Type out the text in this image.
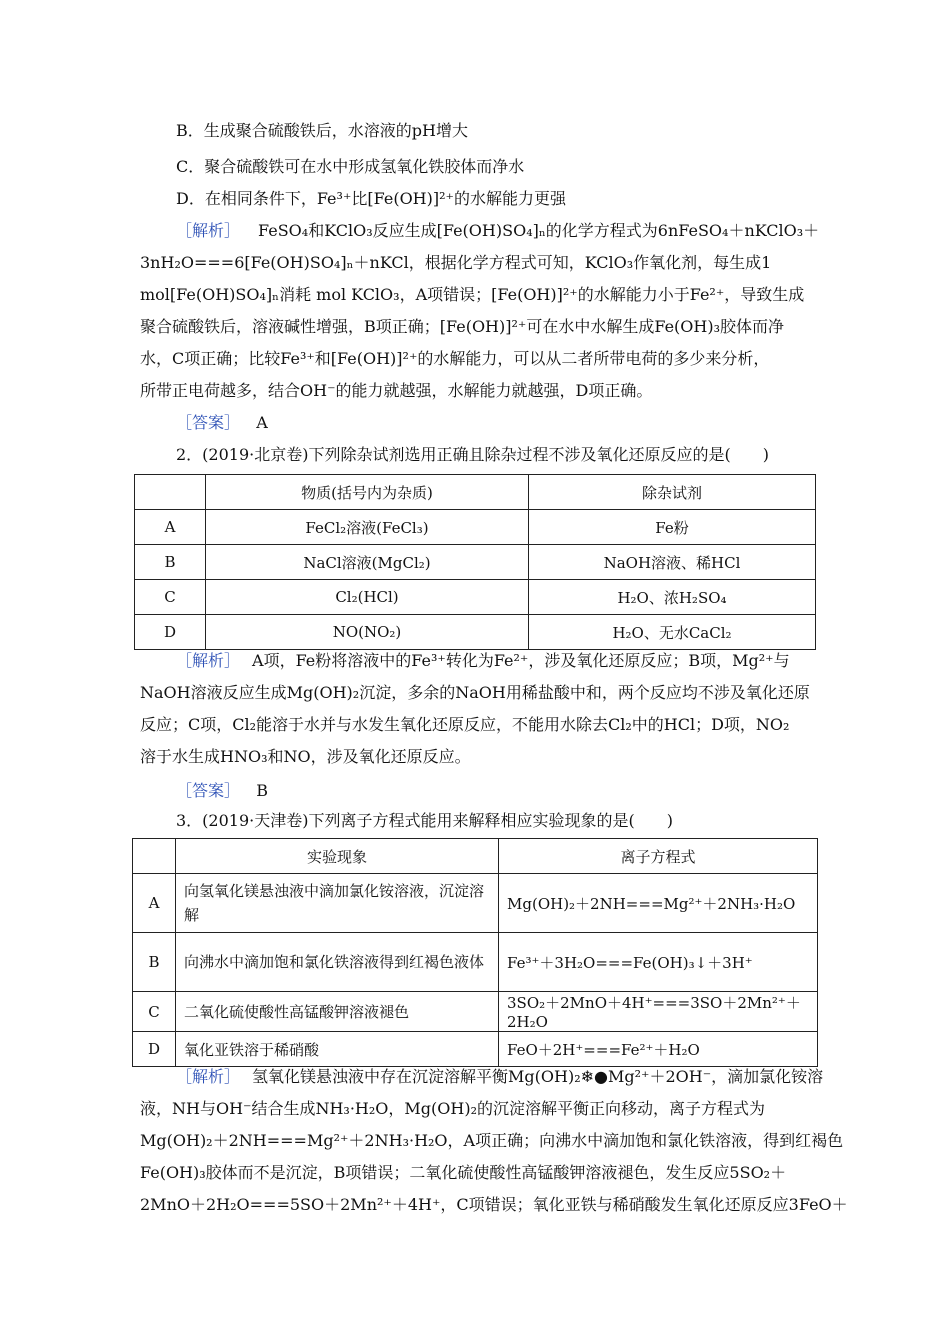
B．生成聚合硫酸铁后，水溶液的pH增大
C．聚合硫酸铁可在水中形成氢氧化铁胶体而净水
D．在相同条件下，Fe³⁺比[Fe(OH)]²⁺的水解能力更强
［解析］ FeSO₄和KClO₃反应生成[Fe(OH)SO₄]ₙ的化学方程式为6nFeSO₄＋nKClO₃＋
3nH₂O===6[Fe(OH)SO₄]ₙ＋nKCl，根据化学方程式可知，KClO₃作氧化剂，每生成1
mol[Fe(OH)SO₄]ₙ消耗 mol KClO₃，A项错误；[Fe(OH)]²⁺的水解能力小于Fe²⁺，导致生成
聚合硫酸铁后，溶液碱性增强，B项正确；[Fe(OH)]²⁺可在水中水解生成Fe(OH)₃胶体而净
水，C项正确；比较Fe³⁺和[Fe(OH)]²⁺的水解能力，可以从二者所带电荷的多少来分析，
所带正电荷越多，结合OH⁻的能力就越强，水解能力就越强，D项正确。
［答案］ A
2．(2019·北京卷)下列除杂试剂选用正确且除杂过程不涉及氧化还原反应的是(　　)
	物质(括号内为杂质)	除杂试剂
A	FeCl₂溶液(FeCl₃)	Fe粉
B	NaCl溶液(MgCl₂)	NaOH溶液、稀HCl
C	Cl₂(HCl)	H₂O、浓H₂SO₄
D	NO(NO₂)	H₂O、无水CaCl₂
［解析］ A项，Fe粉将溶液中的Fe³⁺转化为Fe²⁺，涉及氧化还原反应；B项，Mg²⁺与
NaOH溶液反应生成Mg(OH)₂沉淀，多余的NaOH用稀盐酸中和，两个反应均不涉及氧化还原
反应；C项，Cl₂能溶于水并与水发生氧化还原反应，不能用水除去Cl₂中的HCl；D项，NO₂
溶于水生成HNO₃和NO，涉及氧化还原反应。
［答案］ B
3．(2019·天津卷)下列离子方程式能用来解释相应实验现象的是(　　)
	实验现象	离子方程式
A	向氢氧化镁悬浊液中滴加氯化铵溶液，沉淀溶解	Mg(OH)₂＋2NH===Mg²⁺＋2NH₃·H₂O
B	向沸水中滴加饱和氯化铁溶液得到红褐色液体	Fe³⁺＋3H₂O===Fe(OH)₃↓＋3H⁺
C	二氧化硫使酸性高锰酸钾溶液褪色	3SO₂＋2MnO＋4H⁺===3SO＋2Mn²⁺＋2H₂O
D	氧化亚铁溶于稀硝酸	FeO＋2H⁺===Fe²⁺＋H₂O
［解析］ 氢氧化镁悬浊液中存在沉淀溶解平衡Mg(OH)₂❄●Mg²⁺＋2OH⁻，滴加氯化铵溶
液，NH与OH⁻结合生成NH₃·H₂O，Mg(OH)₂的沉淀溶解平衡正向移动，离子方程式为
Mg(OH)₂＋2NH===Mg²⁺＋2NH₃·H₂O，A项正确；向沸水中滴加饱和氯化铁溶液，得到红褐色
Fe(OH)₃胶体而不是沉淀，B项错误；二氧化硫使酸性高锰酸钾溶液褪色，发生反应5SO₂＋
2MnO＋2H₂O===5SO＋2Mn²⁺＋4H⁺，C项错误；氧化亚铁与稀硝酸发生氧化还原反应3FeO＋
